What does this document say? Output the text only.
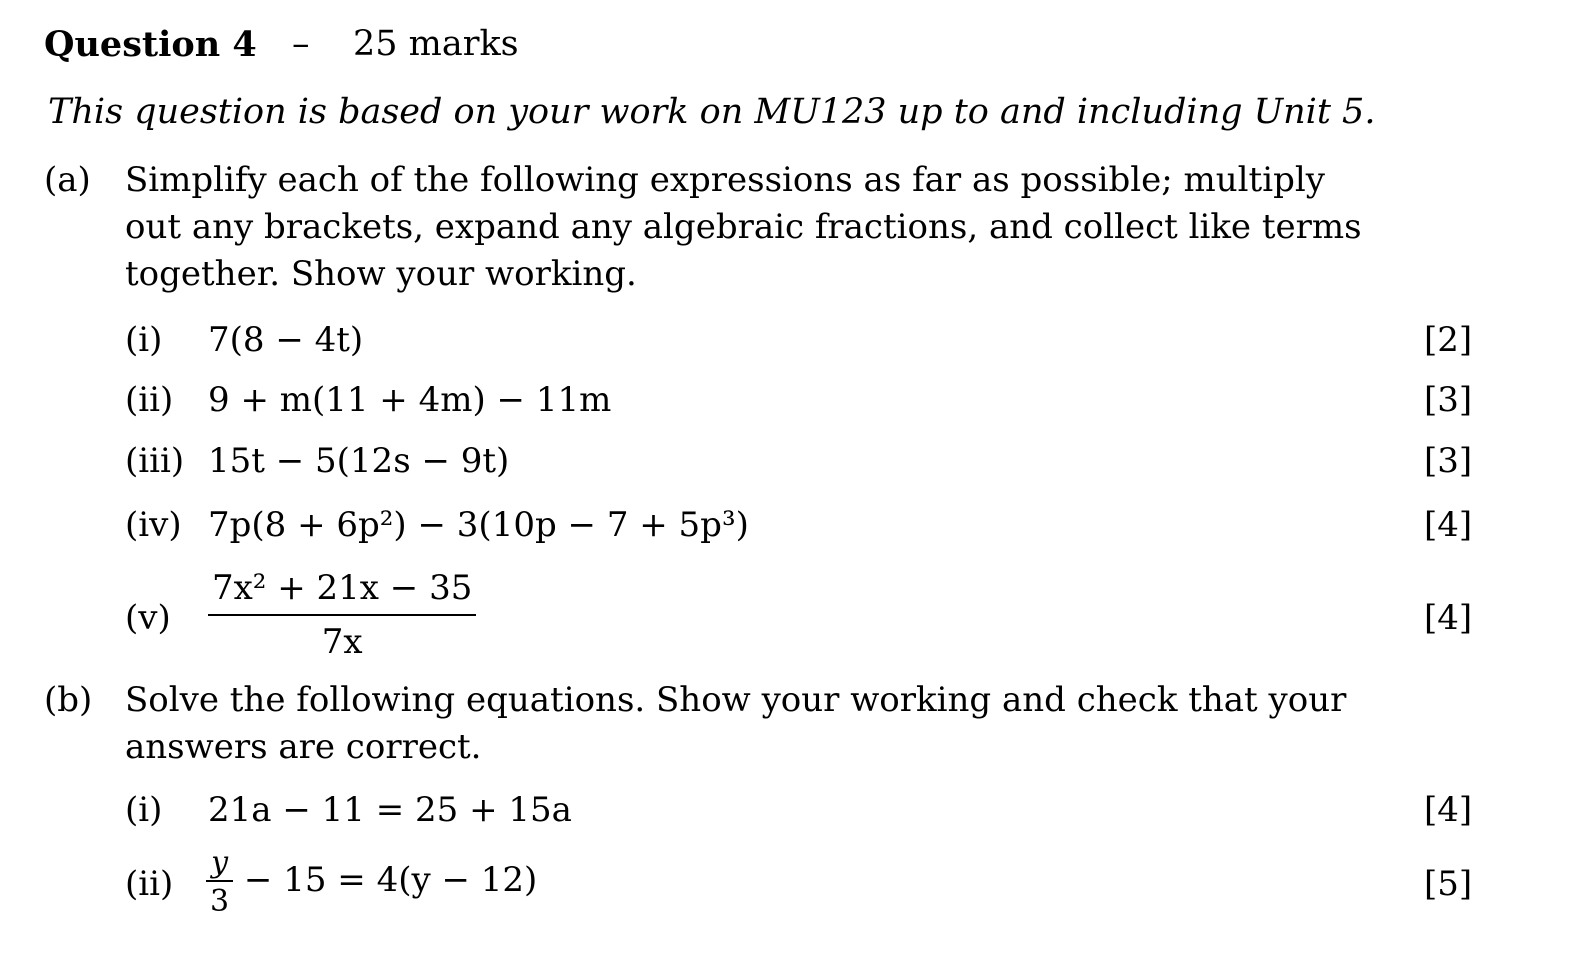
Question 4 – 25 marks
This question is based on your work on MU123 up to and including Unit 5.
(a) Simplify each of the following expressions as far as possible; multiply
out any brackets, expand any algebraic fractions, and collect like terms
together. Show your working.
(i) 7(8 − 4t)	[2]
(ii) 9 + m(11 + 4m) − 11m	[3]
(iii) 15t − 5(12s − 9t)	[3]
(iv) 7p(8 + 6p²) − 3(10p − 7 + 5p³)	[4]
$(v) \frac{\text{7x² + 21x − 35}}{7x}$	[4]
(b) Solve the following equations. Show your working and check that your
answers are correct.
(i) 21a − 11 = 25 + 15a	[4]
$(ii) \frac{y}{3} - 15 = 4(y - 12)$	[5]
